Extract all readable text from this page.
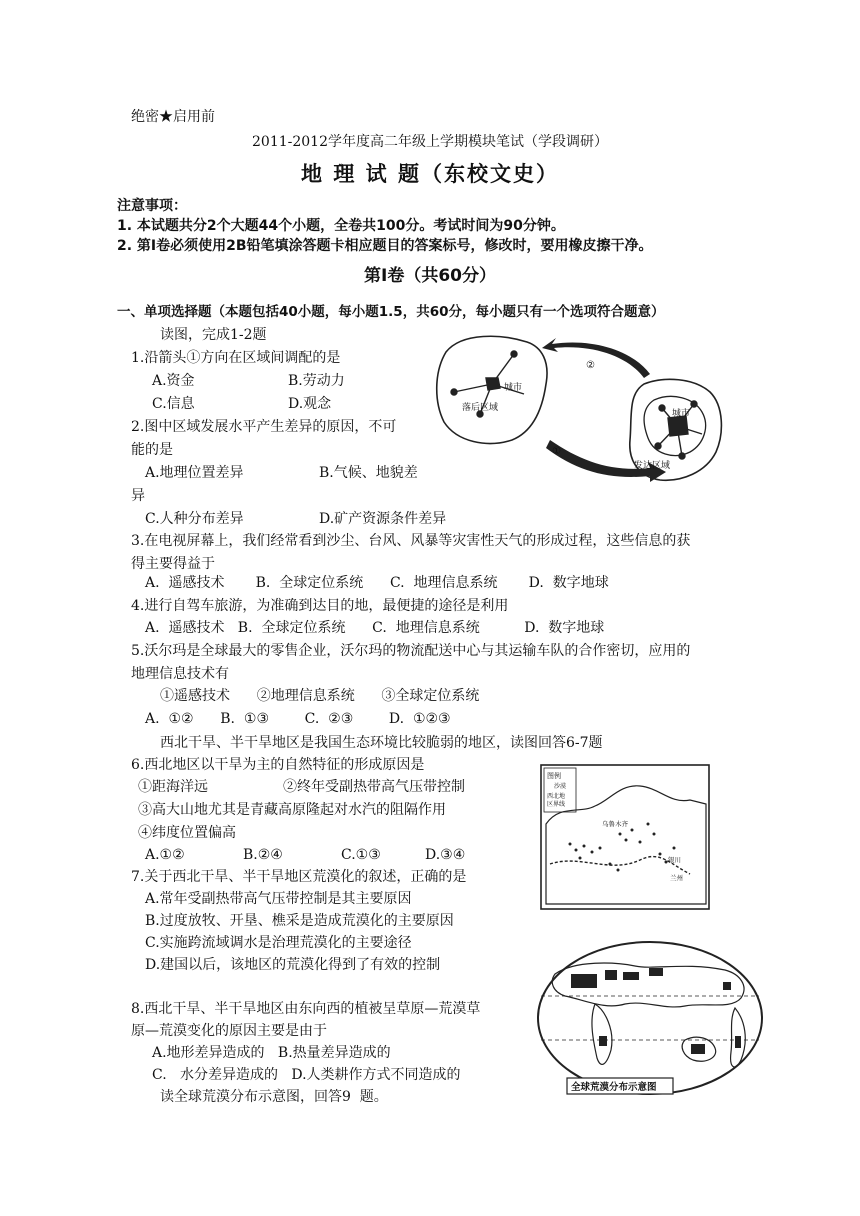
绝密★启用前
2011-2012学年度高二年级上学期模块笔试（学段调研）
地 理 试 题（东校文史）
注意事项：
1. 本试题共分2个大题44个小题，全卷共100分。考试时间为90分钟。
2. 第Ⅰ卷必须使用2B铅笔填涂答题卡相应题目的答案标号，修改时，要用橡皮擦干净。
第Ⅰ卷（共60分）
一、单项选择题（本题包括40小题，每小题1.5，共60分，每小题只有一个选项符合题意）
读图，完成1-2题
1.沿箭头①方向在区域间调配的是
A.资金	B.劳动力
C.信息	D.观念
2.图中区域发展水平产生差异的原因，不可
能的是
A.地理位置差异	B.气候、地貌差
异
C.人种分布差异	D.矿产资源条件差异
3.在电视屏幕上，我们经常看到沙尘、台风、风暴等灾害性天气的形成过程，这些信息的获
得主要得益于
A.  遥感技术       B.  全球定位系统      C.  地理信息系统       D.  数字地球
4.进行自驾车旅游，为准确到达目的地，最便捷的途径是利用
A.  遥感技术   B.  全球定位系统      C.  地理信息系统          D.  数字地球
5.沃尔玛是全球最大的零售企业，沃尔玛的物流配送中心与其运输车队的合作密切，应用的
地理信息技术有
①遥感技术      ②地理信息系统      ③全球定位系统
A.  ①②      B.  ①③        C.  ②③        D.  ①②③
西北干旱、半干旱地区是我国生态环境比较脆弱的地区，读图回答6-7题
6.西北地区以干旱为主的自然特征的形成原因是
①距海洋远	②终年受副热带高气压带控制
③高大山地尤其是青藏高原隆起对水汽的阻隔作用
④纬度位置偏高
A.①②	B.②④	C.①③	D.③④
7.关于西北干旱、半干旱地区荒漠化的叙述，正确的是
A.常年受副热带高气压带控制是其主要原因
B.过度放牧、开垦、樵采是造成荒漠化的主要原因
C.实施跨流域调水是治理荒漠化的主要途径
D.建国以后，该地区的荒漠化得到了有效的控制
8.西北干旱、半干旱地区由东向西的植被呈草原—荒漠草
原—荒漠变化的原因主要是由于
A.地形差异造成的   B.热量差异造成的
C.   水分差异造成的   D.人类耕作方式不同造成的
读全球荒漠分布示意图，回答9  题。
城市
落后区域
城市
发达区域
②
①
图例
沙漠
西北地
区界线
乌鲁木齐
银川
兰州
全球荒漠分布示意图
